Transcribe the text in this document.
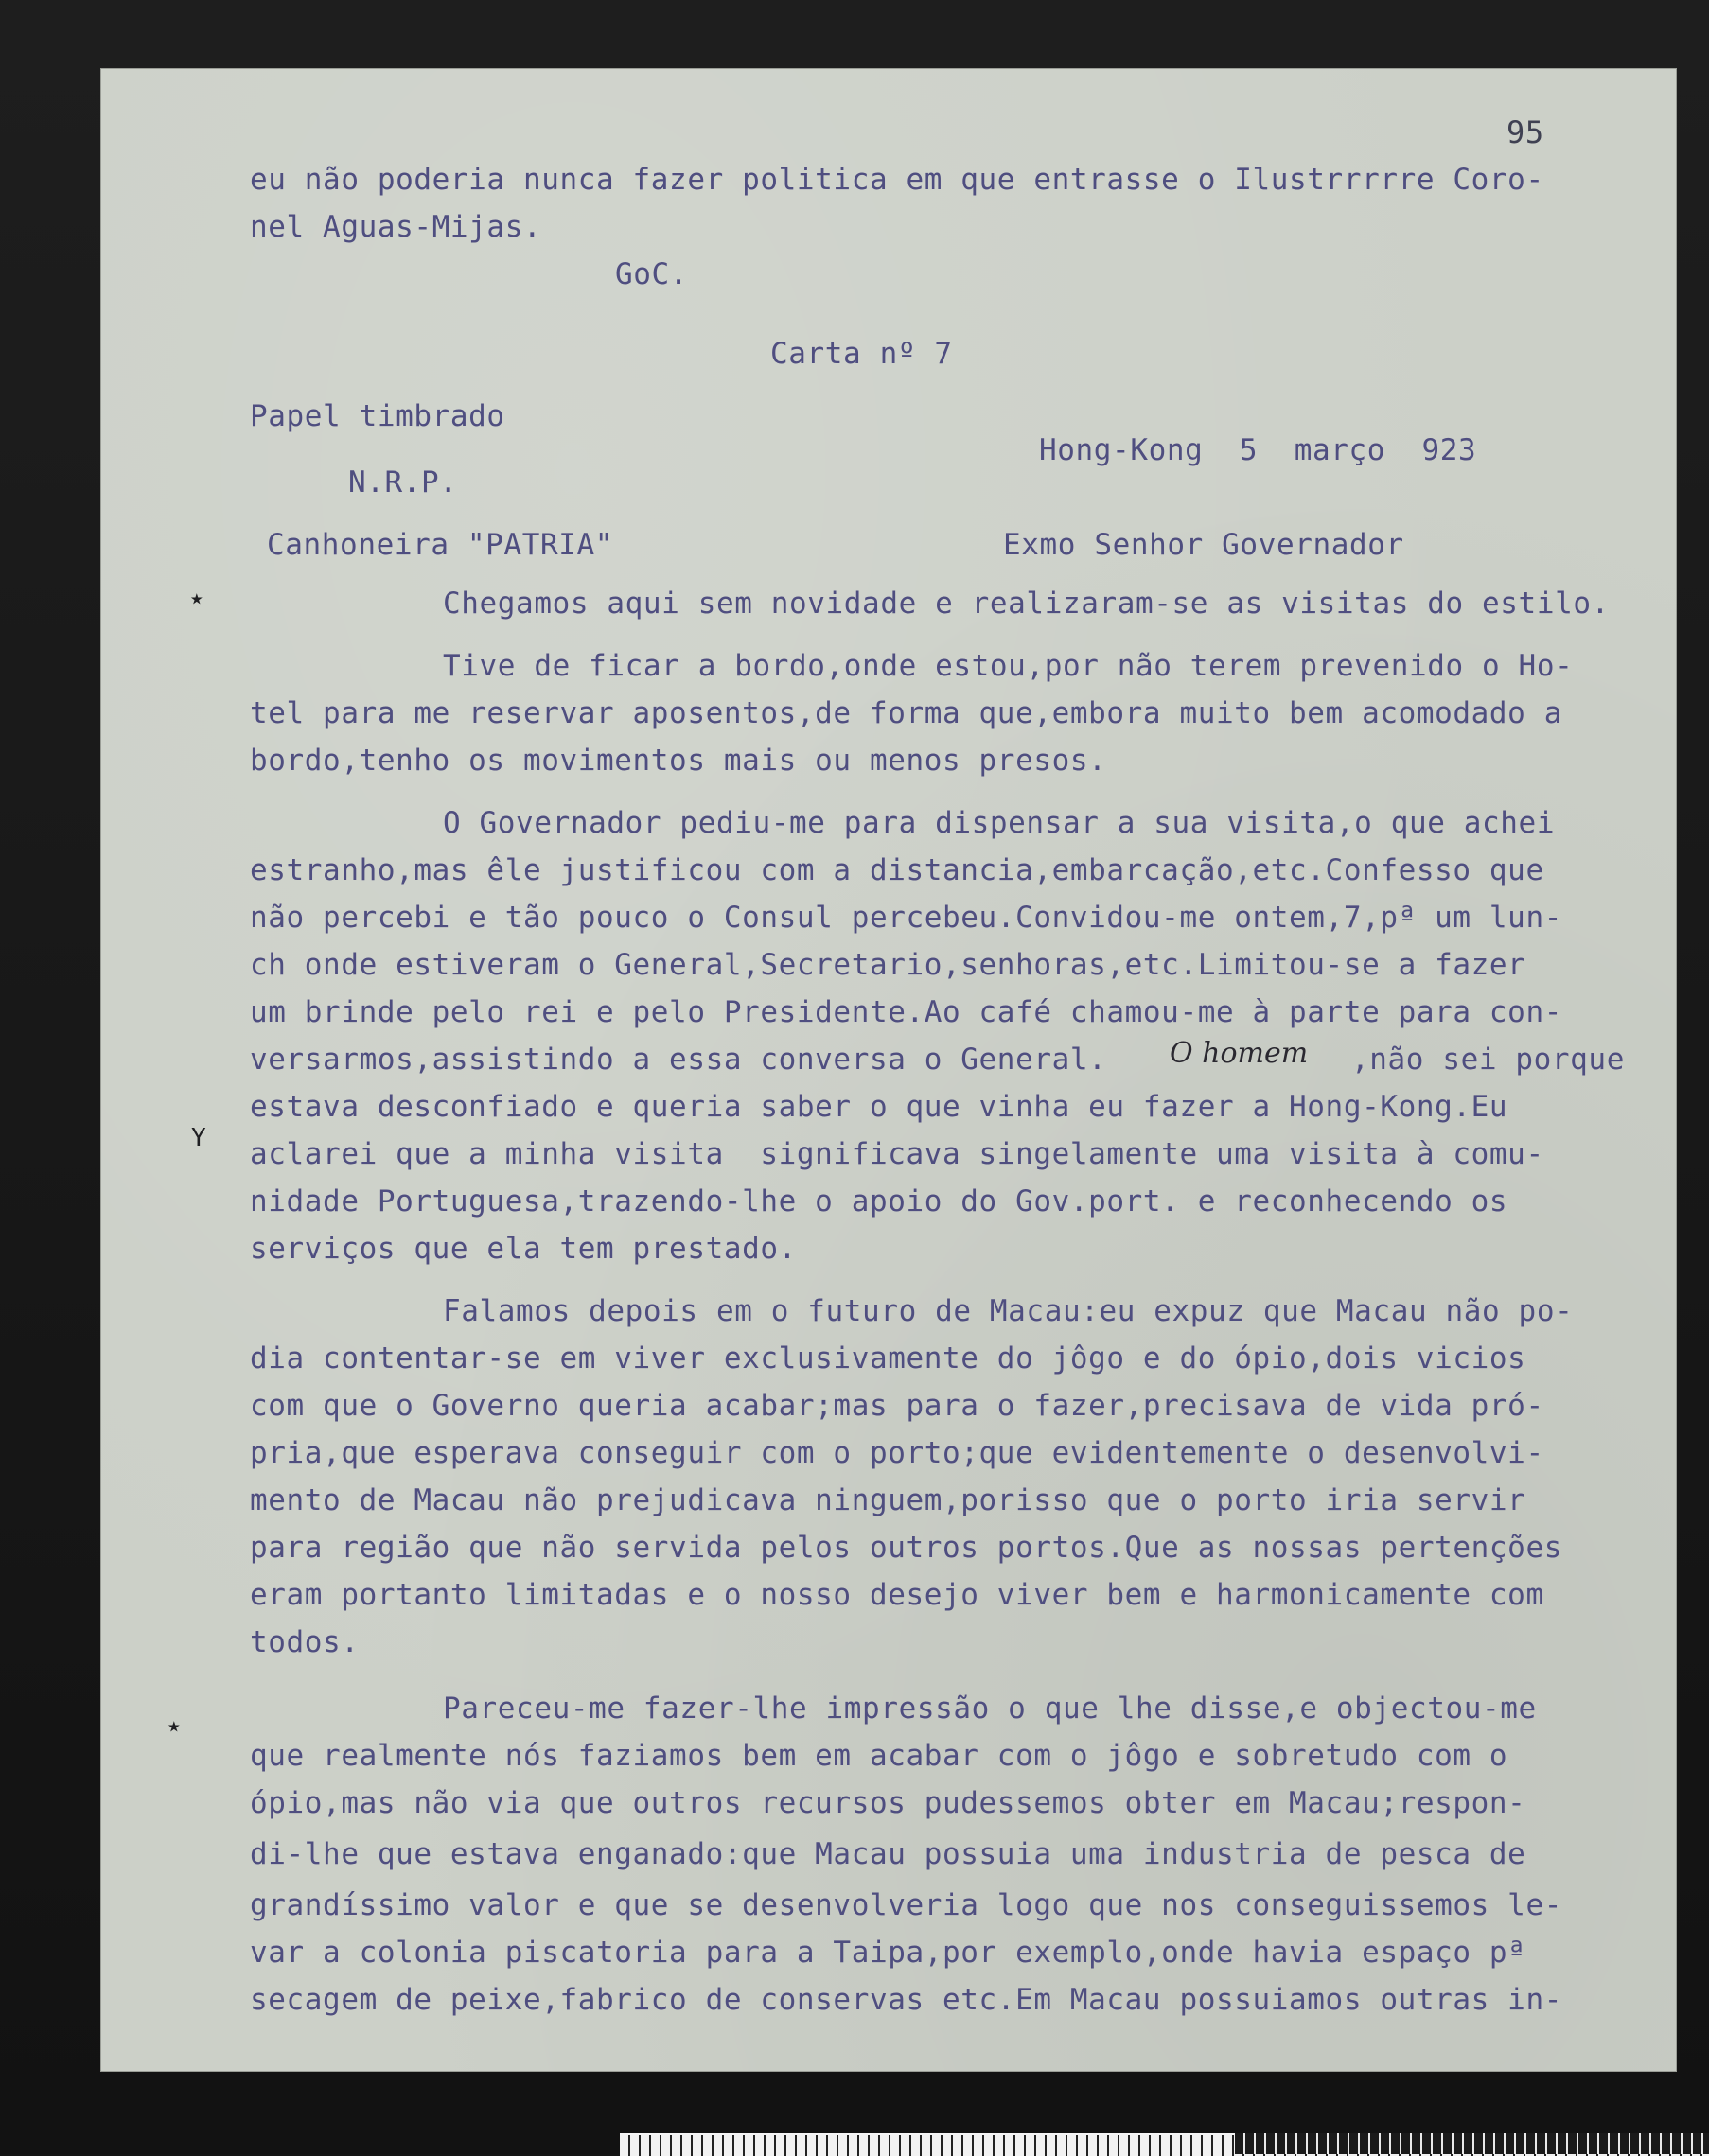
95
eu não poderia nunca fazer politica em que entrasse o Ilustrrrrre Coro-
nel Aguas-Mijas.
GoC.
Carta nº 7
Papel timbrado
Hong-Kong  5  março  923
N.R.P.
Canhoneira "PATRIA"	Exmo Senhor Governador
Chegamos aqui sem novidade e realizaram-se as visitas do estilo.
Tive de ficar a bordo,onde estou,por não terem prevenido o Ho-
tel para me reservar aposentos,de forma que,embora muito bem acomodado a
bordo,tenho os movimentos mais ou menos presos.
O Governador pediu-me para dispensar a sua visita,o que achei
estranho,mas êle justificou com a distancia,embarcação,etc.Confesso que
não percebi e tão pouco o Consul percebeu.Convidou-me ontem,7,pª um lun-
ch onde estiveram o General,Secretario,senhoras,etc.Limitou-se a fazer
um brinde pelo rei e pelo Presidente.Ao café chamou-me à parte para con-
versarmos,assistindo a essa conversa o General. O homem ,não sei porque
estava desconfiado e queria saber o que vinha eu fazer a Hong-Kong.Eu
aclarei que a minha visita  significava singelamente uma visita à comu-
nidade Portuguesa,trazendo-lhe o apoio do Gov.port. e reconhecendo os
serviços que ela tem prestado.
Falamos depois em o futuro de Macau:eu expuz que Macau não po-
dia contentar-se em viver exclusivamente do jôgo e do ópio,dois vicios
com que o Governo queria acabar;mas para o fazer,precisava de vida pró-
pria,que esperava conseguir com o porto;que evidentemente o desenvolvi-
mento de Macau não prejudicava ninguem,porisso que o porto iria servir
para região que não servida pelos outros portos.Que as nossas pertenções
eram portanto limitadas e o nosso desejo viver bem e harmonicamente com
todos.
Pareceu-me fazer-lhe impressão o que lhe disse,e objectou-me
que realmente nós faziamos bem em acabar com o jôgo e sobretudo com o
ópio,mas não via que outros recursos pudessemos obter em Macau;respon-
di-lhe que estava enganado:que Macau possuia uma industria de pesca de
grandíssimo valor e que se desenvolveria logo que nos conseguissemos le-
var a colonia piscatoria para a Taipa,por exemplo,onde havia espaço pª
secagem de peixe,fabrico de conservas etc.Em Macau possuiamos outras in-
٭
Y
٭
